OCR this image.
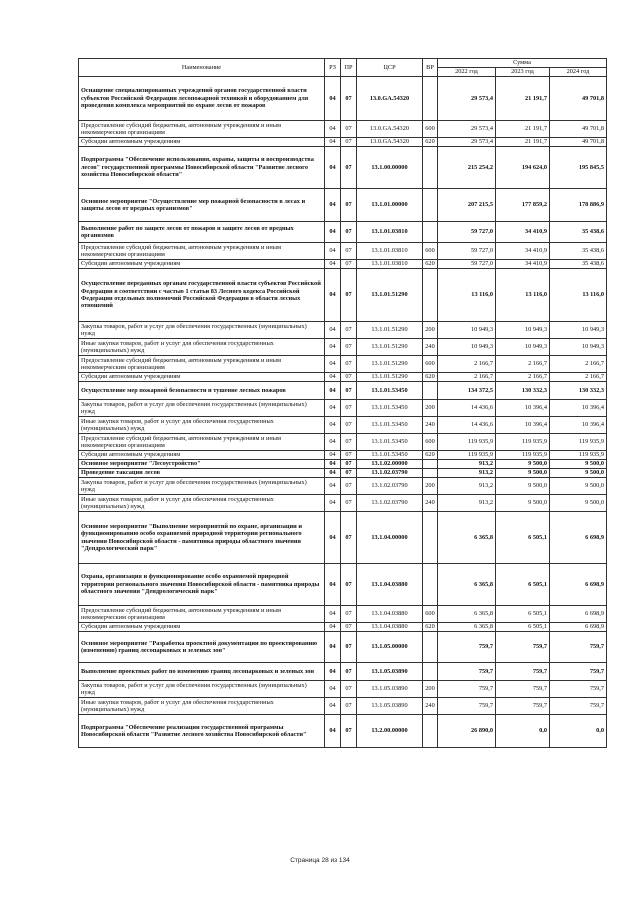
Наименование	РЗ	ПР	ЦСР	ВР	Сумма		
					2022 год	2023 год	2024 год
Оснащение специализированных учреждений органов государственной власти субъектов Российской Федерации лесопожарной техникой и оборудованием для проведения комплекса мероприятий по охране лесов от пожаров	04	07	13.0.GA.54320		29 573,4	21 191,7	49 701,8
Предоставление субсидий бюджетным, автономным учреждениям и иным некоммерческим организациям	04	07	13.0.GA.54320	600	29 573,4	21 191,7	49 701,8
Субсидии автономным учреждениям	04	07	13.0.GA.54320	620	29 573,4	21 191,7	49 701,8
Подпрограмма "Обеспечение использования, охраны, защиты и воспроизводства лесов" государственной программы Новосибирской области "Развитие лесного хозяйства Новосибирской области"	04	07	13.1.00.00000		215 254,2	194 624,0	195 845,5
Основное мероприятие "Осуществление мер пожарной безопасности в лесах и защиты лесов от вредных организмов"	04	07	13.1.01.00000		207 215,5	177 859,2	178 886,9
Выполнение работ по защите лесов от пожаров и защите лесов от вредных организмов	04	07	13.1.01.03810		59 727,0	34 410,9	35 438,6
Предоставление субсидий бюджетным, автономным учреждениям и иным некоммерческим организациям	04	07	13.1.01.03810	600	59 727,0	34 410,9	35 438,6
Субсидии автономным учреждениям	04	07	13.1.01.03810	620	59 727,0	34 410,9	35 438,6
Осуществление переданных органам государственной власти субъектов Российской Федерации в соответствии с частью 1 статьи 83 Лесного кодекса Российской Федерации отдельных полномочий Российской Федерации в области лесных отношений	04	07	13.1.01.51290		13 116,0	13 116,0	13 116,0
Закупка товаров, работ и услуг для обеспечения государственных (муниципальных) нужд	04	07	13.1.01.51290	200	10 949,3	10 949,3	10 949,3
Иные закупки товаров, работ и услуг для обеспечения государственных (муниципальных) нужд	04	07	13.1.01.51290	240	10 949,3	10 949,3	10 949,3
Предоставление субсидий бюджетным, автономным учреждениям и иным некоммерческим организациям	04	07	13.1.01.51290	600	2 166,7	2 166,7	2 166,7
Субсидии автономным учреждениям	04	07	13.1.01.51290	620	2 166,7	2 166,7	2 166,7
Осуществление мер пожарной безопасности и тушение лесных пожаров	04	07	13.1.01.53450		134 372,5	130 332,3	130 332,3
Закупка товаров, работ и услуг для обеспечения государственных (муниципальных) нужд	04	07	13.1.01.53450	200	14 436,6	10 396,4	10 396,4
Иные закупки товаров, работ и услуг для обеспечения государственных (муниципальных) нужд	04	07	13.1.01.53450	240	14 436,6	10 396,4	10 396,4
Предоставление субсидий бюджетным, автономным учреждениям и иным некоммерческим организациям	04	07	13.1.01.53450	600	119 935,9	119 935,9	119 935,9
Субсидии автономным учреждениям	04	07	13.1.01.53450	620	119 935,9	119 935,9	119 935,9
Основное мероприятие "Лесоустройство"	04	07	13.1.02.00000		913,2	9 500,0	9 500,0
Проведение таксации лесов	04	07	13.1.02.03790		913,2	9 500,0	9 500,0
Закупка товаров, работ и услуг для обеспечения государственных (муниципальных) нужд	04	07	13.1.02.03790	200	913,2	9 500,0	9 500,0
Иные закупки товаров, работ и услуг для обеспечения государственных (муниципальных) нужд	04	07	13.1.02.03790	240	913,2	9 500,0	9 500,0
Основное мероприятие "Выполнение мероприятий по охране, организации и функционированию особо охраняемой природной территории регионального значения Новосибирской области - памятника природы областного значения "Дендрологический парк"	04	07	13.1.04.00000		6 365,8	6 505,1	6 698,9
Охрана, организация и функционирование особо охраняемой природной территории регионального значения Новосибирской области - памятника природы областного значения "Дендрологический парк"	04	07	13.1.04.03880		6 365,8	6 505,1	6 698,9
Предоставление субсидий бюджетным, автономным учреждениям и иным некоммерческим организациям	04	07	13.1.04.03880	600	6 365,8	6 505,1	6 698,9
Субсидии автономным учреждениям	04	07	13.1.04.03880	620	6 365,8	6 505,1	6 698,9
Основное мероприятие "Разработка проектной документации по проектированию (изменению) границ лесопарковых и зеленых зон"	04	07	13.1.05.00000		759,7	759,7	759,7
Выполнение проектных работ по изменению границ лесопарковых и зеленых зон	04	07	13.1.05.03890		759,7	759,7	759,7
Закупка товаров, работ и услуг для обеспечения государственных (муниципальных) нужд	04	07	13.1.05.03890	200	759,7	759,7	759,7
Иные закупки товаров, работ и услуг для обеспечения государственных (муниципальных) нужд	04	07	13.1.05.03890	240	759,7	759,7	759,7
Подпрограмма "Обеспечение реализации государственной программы Новосибирской области "Развитие лесного хозяйства Новосибирской области"	04	07	13.2.00.00000		26 890,0	0,0	0,0
Страница 28 из 134
